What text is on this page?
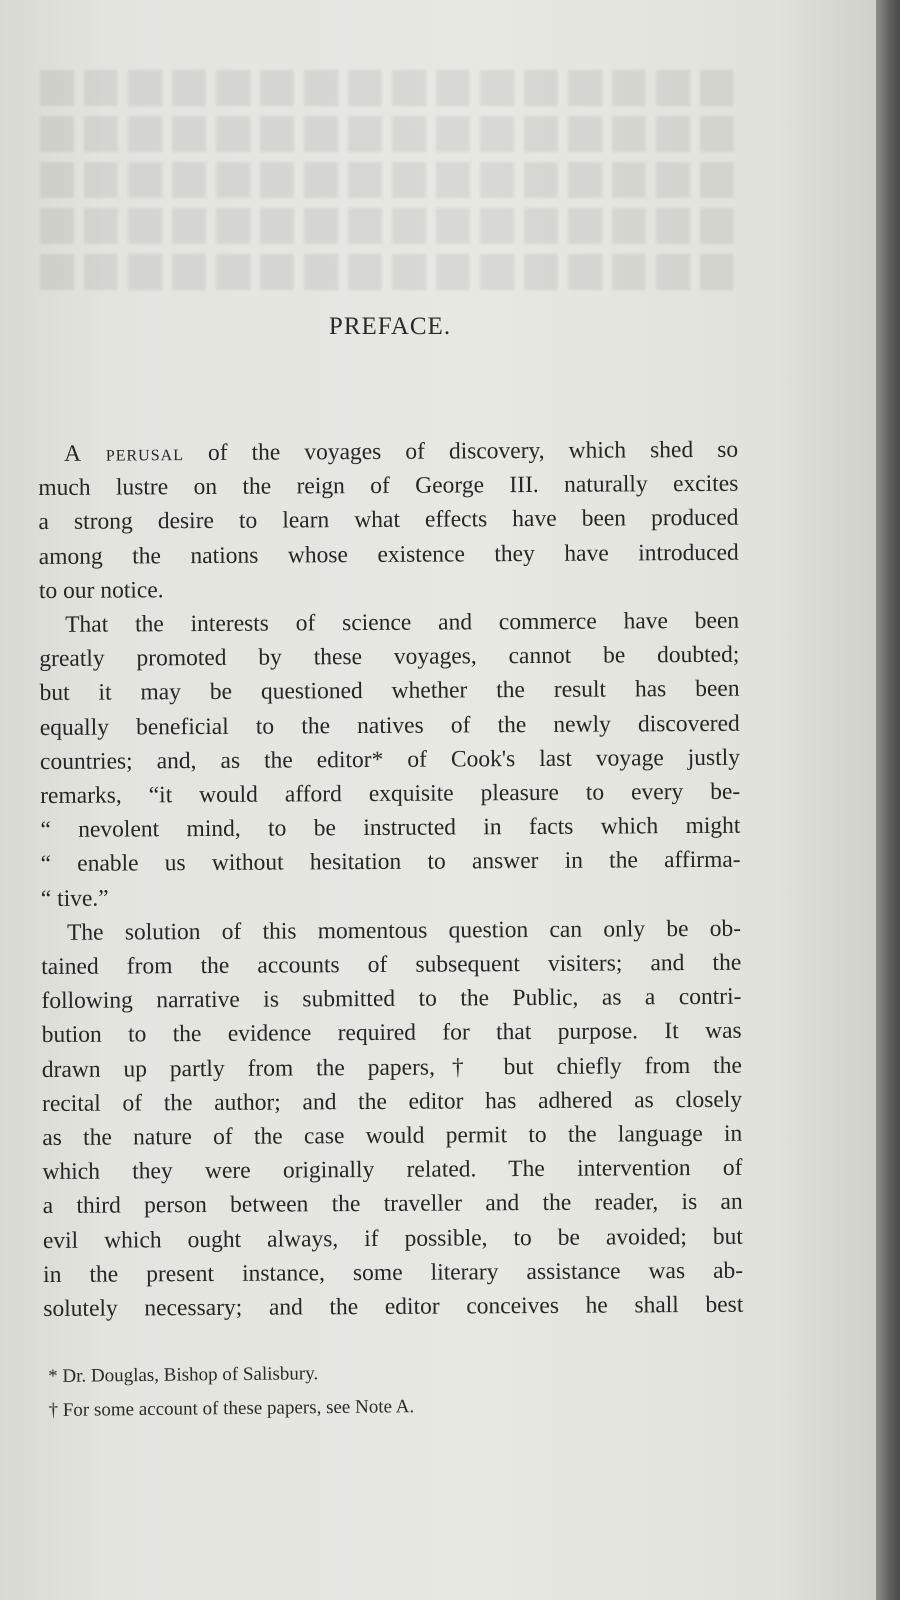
PREFACE.
A perusal of the voyages of discovery, which shed so
much lustre on the reign of George III. naturally excites
a strong desire to learn what effects have been produced
among the nations whose existence they have introduced
to our notice.
That the interests of science and commerce have been
greatly promoted by these voyages, cannot be doubted;
but it may be questioned whether the result has been
equally beneficial to the natives of the newly discovered
countries; and, as the editor* of Cook's last voyage justly
remarks, “it would afford exquisite pleasure to every be-
“ nevolent mind, to be instructed in facts which might
“ enable us without hesitation to answer in the affirma-
“ tive.”
The solution of this momentous question can only be ob-
tained from the accounts of subsequent visiters; and the
following narrative is submitted to the Public, as a contri-
bution to the evidence required for that purpose. It was
drawn up partly from the papers,† but chiefly from the
recital of the author; and the editor has adhered as closely
as the nature of the case would permit to the language in
which they were originally related. The intervention of
a third person between the traveller and the reader, is an
evil which ought always, if possible, to be avoided; but
in the present instance, some literary assistance was ab-
solutely necessary; and the editor conceives he shall best
* Dr. Douglas, Bishop of Salisbury.
† For some account of these papers, see Note A.
